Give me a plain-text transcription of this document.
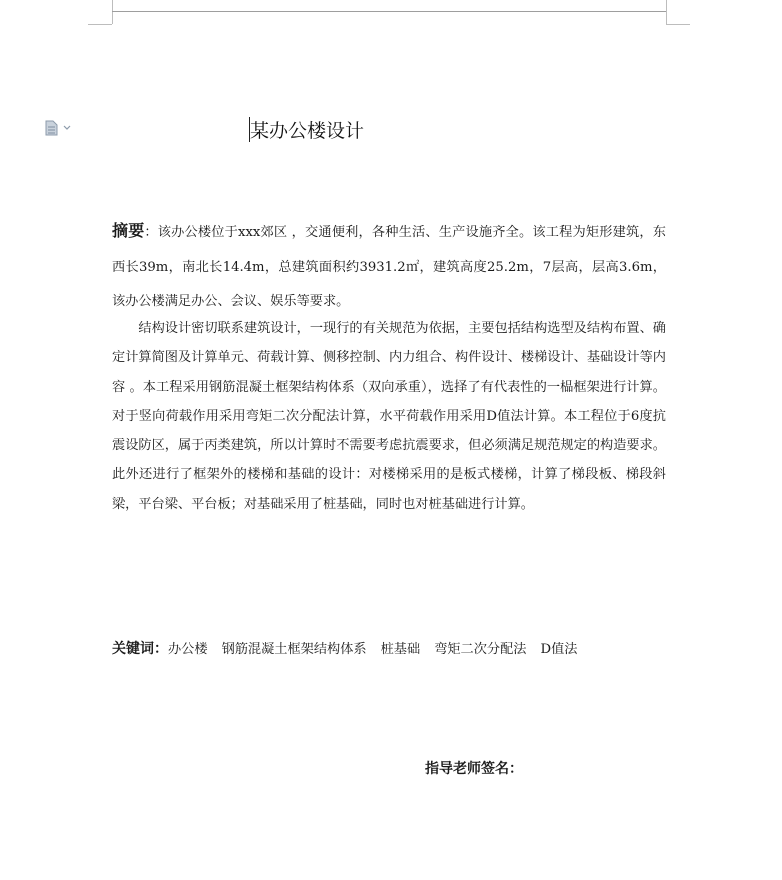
某办公楼设计

摘要：该办公楼位于xxx郊区 ，交通便利，各种生活、生产设施齐全。该工程为矩形建筑，东西长39m，南北长14.4m，总建筑面积约3931.2㎡，建筑高度25.2m，7层高，层高3.6m，该办公楼满足办公、会议、娱乐等要求。

结构设计密切联系建筑设计，一现行的有关规范为依据，主要包括结构选型及结构布置、确定计算简图及计算单元、荷载计算、侧移控制、内力组合、构件设计、楼梯设计、基础设计等内容 。本工程采用钢筋混凝土框架结构体系（双向承重），选择了有代表性的一榀框架进行计算。对于竖向荷载作用采用弯矩二次分配法计算，水平荷载作用采用D值法计算。本工程位于6度抗震设防区，属于丙类建筑，所以计算时不需要考虑抗震要求，但必须满足规范规定的构造要求。此外还进行了框架外的楼梯和基础的设计：对楼梯采用的是板式楼梯，计算了梯段板、梯段斜梁，平台梁、平台板；对基础采用了桩基础，同时也对桩基础进行计算。
关键词：办公楼 钢筋混凝土框架结构体系 桩基础 弯矩二次分配法 D值法
指导老师签名：
